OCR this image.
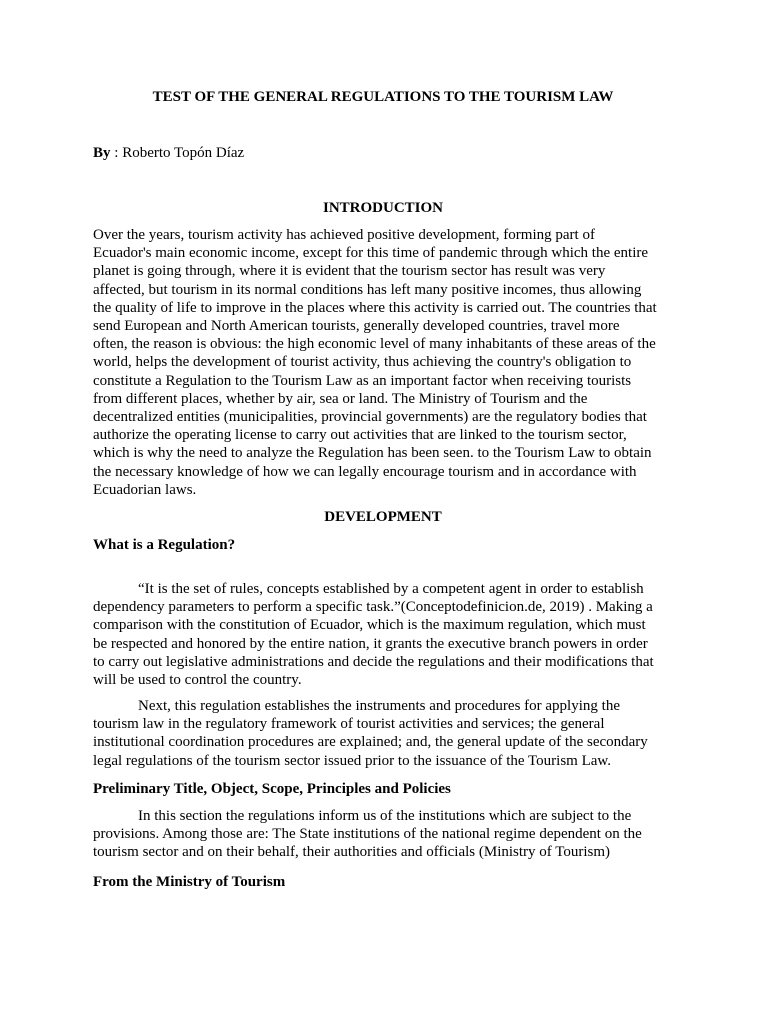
TEST OF THE GENERAL REGULATIONS TO THE TOURISM LAW
By : Roberto Topón Díaz
INTRODUCTION
Over the years, tourism activity has achieved positive development, forming part of
Ecuador's main economic income, except for this time of pandemic through which the entire
planet is going through, where it is evident that the tourism sector has result was very
affected, but tourism in its normal conditions has left many positive incomes, thus allowing
the quality of life to improve in the places where this activity is carried out. The countries that
send European and North American tourists, generally developed countries, travel more
often, the reason is obvious: the high economic level of many inhabitants of these areas of the
world, helps the development of tourist activity, thus achieving the country's obligation to
constitute a Regulation to the Tourism Law as an important factor when receiving tourists
from different places, whether by air, sea or land. The Ministry of Tourism and the
decentralized entities (municipalities, provincial governments) are the regulatory bodies that
authorize the operating license to carry out activities that are linked to the tourism sector,
which is why the need to analyze the Regulation has been seen. to the Tourism Law to obtain
the necessary knowledge of how we can legally encourage tourism and in accordance with
Ecuadorian laws.
DEVELOPMENT
What is a Regulation?
“It is the set of rules, concepts established by a competent agent in order to establish
dependency parameters to perform a specific task.”(Conceptodefinicion.de, 2019) . Making a
comparison with the constitution of Ecuador, which is the maximum regulation, which must
be respected and honored by the entire nation, it grants the executive branch powers in order
to carry out legislative administrations and decide the regulations and their modifications that
will be used to control the country.
Next, this regulation establishes the instruments and procedures for applying the
tourism law in the regulatory framework of tourist activities and services; the general
institutional coordination procedures are explained; and, the general update of the secondary
legal regulations of the tourism sector issued prior to the issuance of the Tourism Law.
Preliminary Title, Object, Scope, Principles and Policies
In this section the regulations inform us of the institutions which are subject to the
provisions. Among those are: The State institutions of the national regime dependent on the
tourism sector and on their behalf, their authorities and officials (Ministry of Tourism)
From the Ministry of Tourism
